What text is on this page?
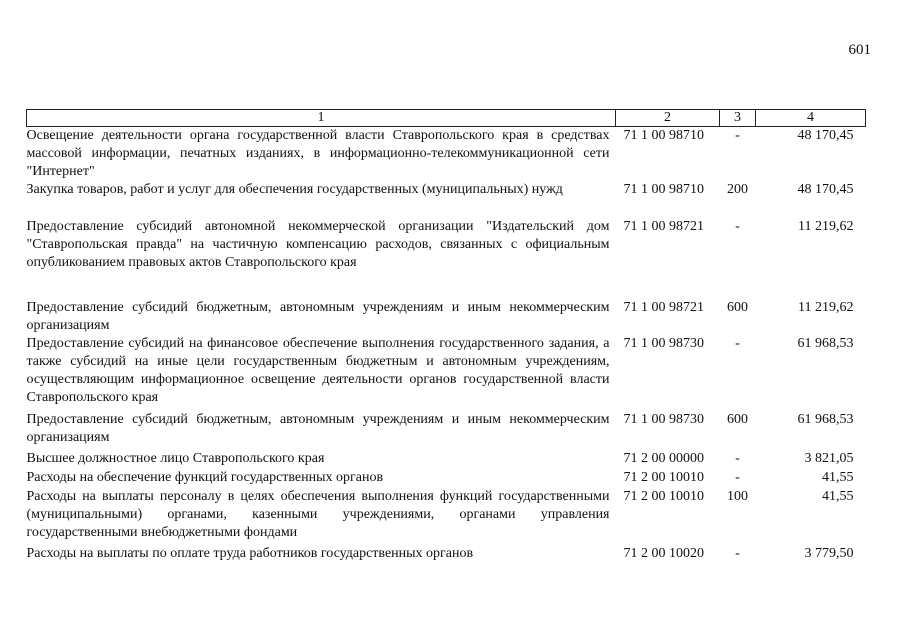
601
1	2	3	4
Освещение деятельности органа государственной власти Ставропольского края в средствах массовой информации, печатных изданиях, в информационно-телекоммуникационной сети "Интернет"	71 1 00 98710	-	48 170,45
Закупка товаров, работ и услуг для обеспечения государственных (муниципальных) нужд	71 1 00 98710	200	48 170,45
Предоставление субсидий автономной некоммерческой организации "Издательский дом "Ставропольская правда" на частичную компенсацию расходов, связанных с официальным опубликованием правовых актов Ставропольского края	71 1 00 98721	-	11 219,62
Предоставление субсидий бюджетным, автономным учреждениям и иным некоммерческим организациям	71 1 00 98721	600	11 219,62
Предоставление субсидий на финансовое обеспечение выполнения государственного задания, а также субсидий на иные цели государственным бюджетным и автономным учреждениям, осуществляющим информационное освещение деятельности органов государственной власти Ставропольского края	71 1 00 98730	-	61 968,53
Предоставление субсидий бюджетным, автономным учреждениям и иным некоммерческим организациям	71 1 00 98730	600	61 968,53
Высшее должностное лицо Ставропольского края	71 2 00 00000	-	3 821,05
Расходы на обеспечение функций государственных органов	71 2 00 10010	-	41,55
Расходы на выплаты персоналу в целях обеспечения выполнения функций государственными (муниципальными) органами, казенными учреждениями, органами управления государственными внебюджетными фондами	71 2 00 10010	100	41,55
Расходы на выплаты по оплате труда работников государственных органов	71 2 00 10020	-	3 779,50
